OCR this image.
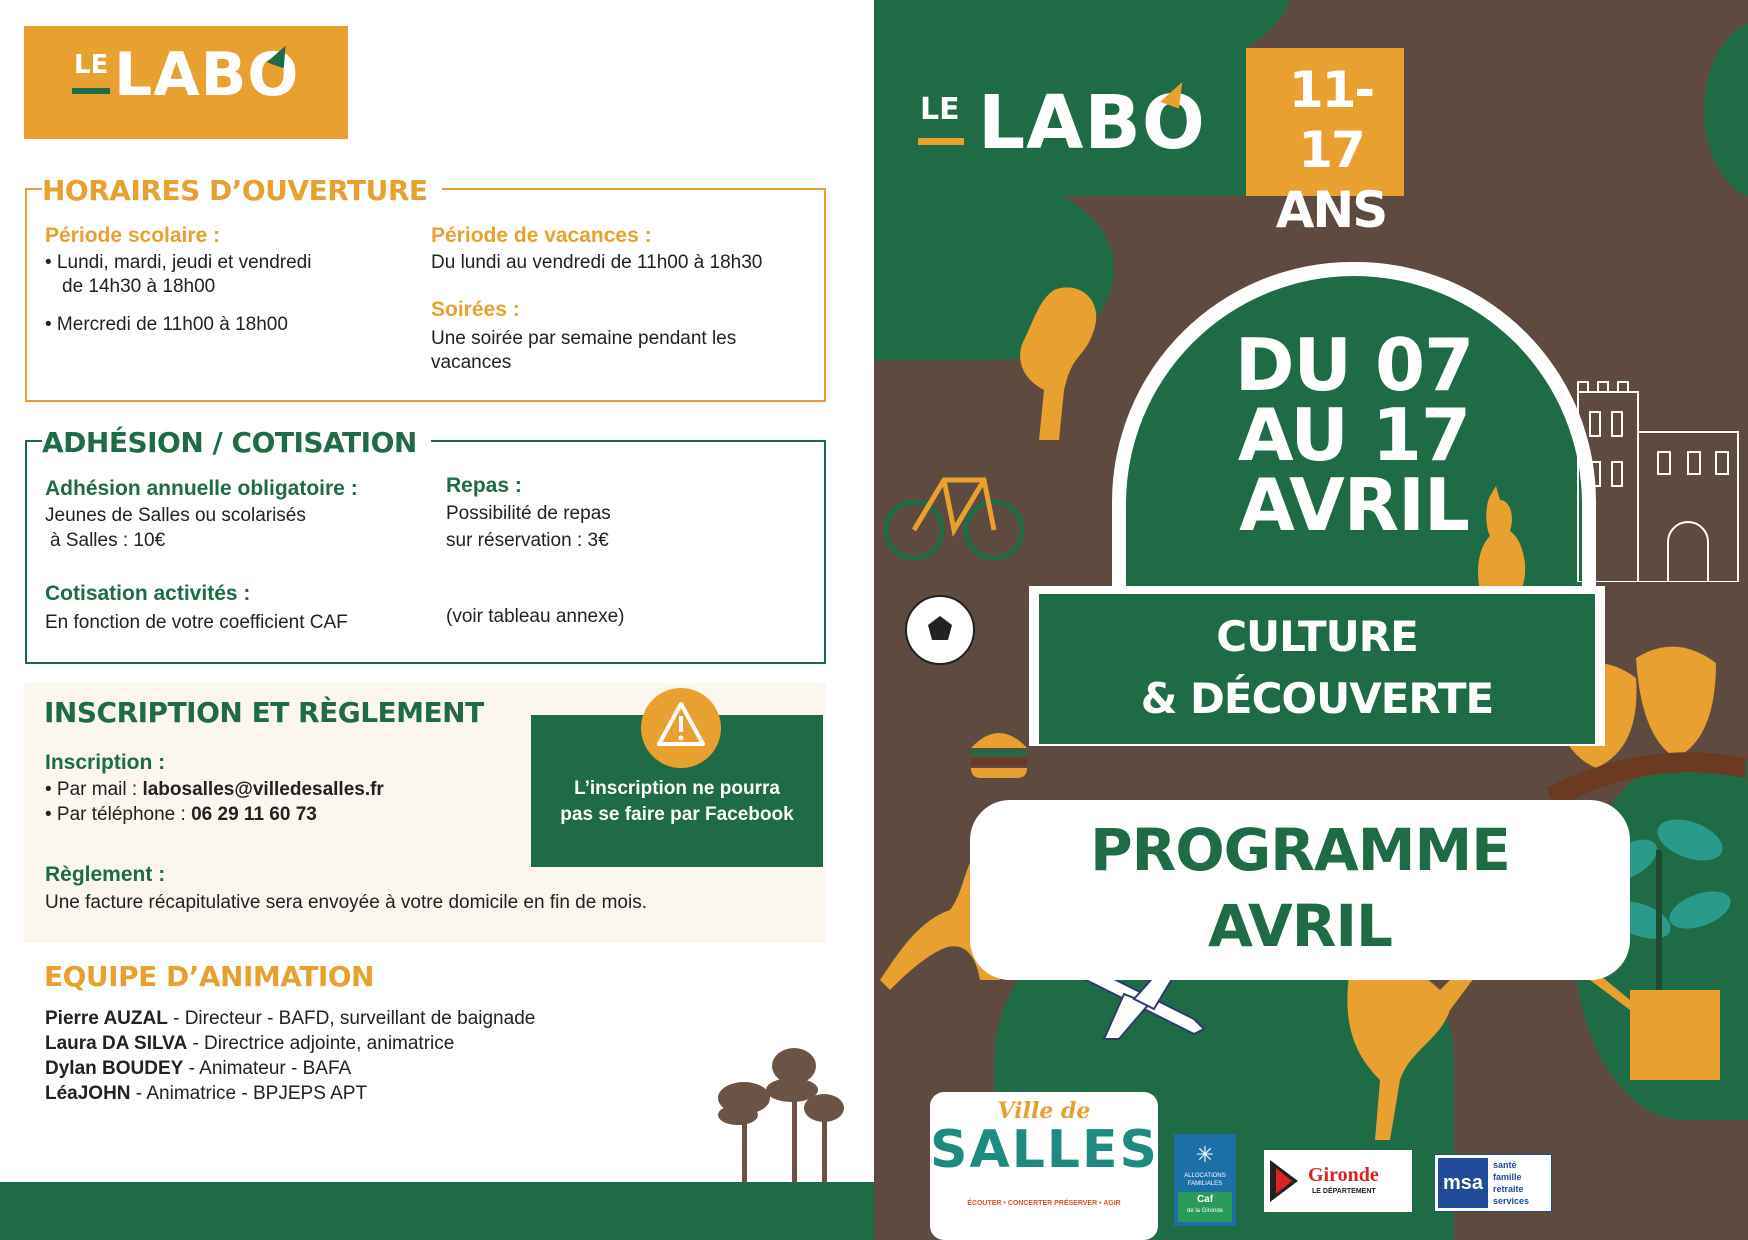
LE LABO
HORAIRES D’OUVERTURE
Période scolaire :
• Lundi, mardi, jeudi et vendredi
de 14h30 à 18h00
• Mercredi de 11h00 à 18h00
Période de vacances :
Du lundi au vendredi de 11h00 à 18h30
Soirées :
Une soirée par semaine pendant les
vacances
ADHÉSION / COTISATION
Adhésion annuelle obligatoire :
Jeunes de Salles ou scolarisés
à Salles : 10€
Repas :
Possibilité de repas
sur réservation : 3€
Cotisation activités :
En fonction de votre coefficient CAF	(voir tableau annexe)
INSCRIPTION ET RÈGLEMENT
Inscription :
• Par mail : labosalles@villedesalles.fr
• Par téléphone : 06 29 11 60 73
Règlement :
Une facture récapitulative sera envoyée à votre domicile en fin de mois.
L’inscription ne pourra
pas se faire par Facebook
EQUIPE D’ANIMATION
Pierre AUZAL - Directeur - BAFD, surveillant de baignade
Laura DA SILVA - Directrice adjointe, animatrice
Dylan BOUDEY - Animateur - BAFA
LéaJOHN - Animatrice - BPJEPS APT
LE LABO	11-17
ANS
DU 07
AU 17
AVRIL
CULTURE
& DÉCOUVERTE
PROGRAMME
AVRIL
Ville de
SALLES
ÉCOUTER • CONCERTER PRÉSERVER • AGIR
✳
ALLOCATIONS
FAMILIALES
Caf
de la Gironde
Gironde
LE DÉPARTEMENT	msa
santé
famille
retraite
services
